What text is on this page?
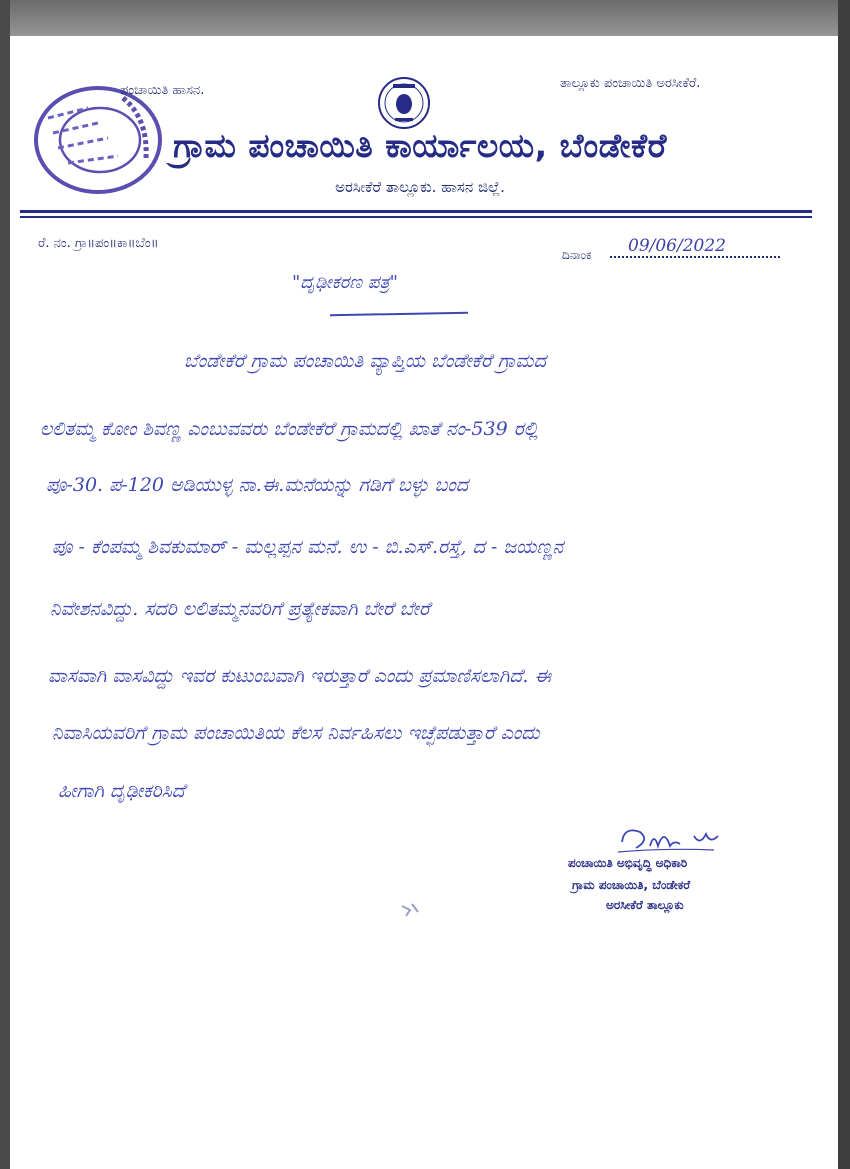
ಪಂಚಾಯಿತಿ ಹಾಸನ.	ತಾಲ್ಲೂಕು ಪಂಚಾಯಿತಿ ಅರಸೀಕೆರೆ.
ಗ್ರಾಮ ಪಂಚಾಯಿತಿ ಕಾರ್ಯಾಲಯ, ಬೆಂಡೇಕೆರೆ
ಅರಸೀಕೆರೆ ತಾಲ್ಲೂಕು. ಹಾಸನ ಜಿಲ್ಲೆ.
ರೆ. ನಂ. ಗ್ರಾ॥ಪಂ॥ಕಾ॥ಬೆಂ॥
ದಿನಾಂಕ 09/06/2022
"ದೃಢೀಕರಣ ಪತ್ರ"
ಬೆಂಡೇಕೆರೆ ಗ್ರಾಮ ಪಂಚಾಯಿತಿ ವ್ಯಾಪ್ತಿಯ ಬೆಂಡೇಕೆರೆ ಗ್ರಾಮದ
ಲಲಿತಮ್ಮ ಕೋಂ ಶಿವಣ್ಣ ಎಂಬುವವರು ಬೆಂಡೇಕೆರೆ ಗ್ರಾಮದಲ್ಲಿ ಖಾತೆ ನಂ-539 ರಲ್ಲಿ
ಪೂ-30. ಪ-120 ಅಡಿಯುಳ್ಳ ನಾ.ಈ.ಮನೆಯನ್ನು ಗಡಿಗೆ ಬಳ್ಳು ಬಂದ
ಪೂ - ಕೆಂಪಮ್ಮ ಶಿವಕುಮಾರ್ - ಮಲ್ಲಪ್ಪನ ಮನೆ. ಉ - ಬಿ.ಎಸ್.ರಸ್ತೆ, ದ - ಜಯಣ್ಣನ
ನಿವೇಶನವಿದ್ದು. ಸದರಿ ಲಲಿತಮ್ಮನವರಿಗೆ ಪ್ರತ್ಯೇಕವಾಗಿ ಬೇರೆ ಬೇರೆ
ವಾಸವಾಗಿ ವಾಸವಿದ್ದು ಇವರ ಕುಟುಂಬವಾಗಿ ಇರುತ್ತಾರೆ ಎಂದು ಪ್ರಮಾಣಿಸಲಾಗಿದೆ. ಈ
ನಿವಾಸಿಯವರಿಗೆ ಗ್ರಾಮ ಪಂಚಾಯಿತಿಯ ಕೆಲಸ ನಿರ್ವಹಿಸಲು ಇಚ್ಛೆಪಡುತ್ತಾರೆ ಎಂದು
ಹೀಗಾಗಿ ದೃಢೀಕರಿಸಿದೆ
ಪಂಚಾಯಿತಿ ಅಭಿವೃದ್ಧಿ ಅಧಿಕಾರಿ
ಗ್ರಾಮ ಪಂಚಾಯಿತಿ, ಬೆಂಡೇಕರೆ
ಅರಸೀಕೆರೆ ತಾಲ್ಲೂಕು
